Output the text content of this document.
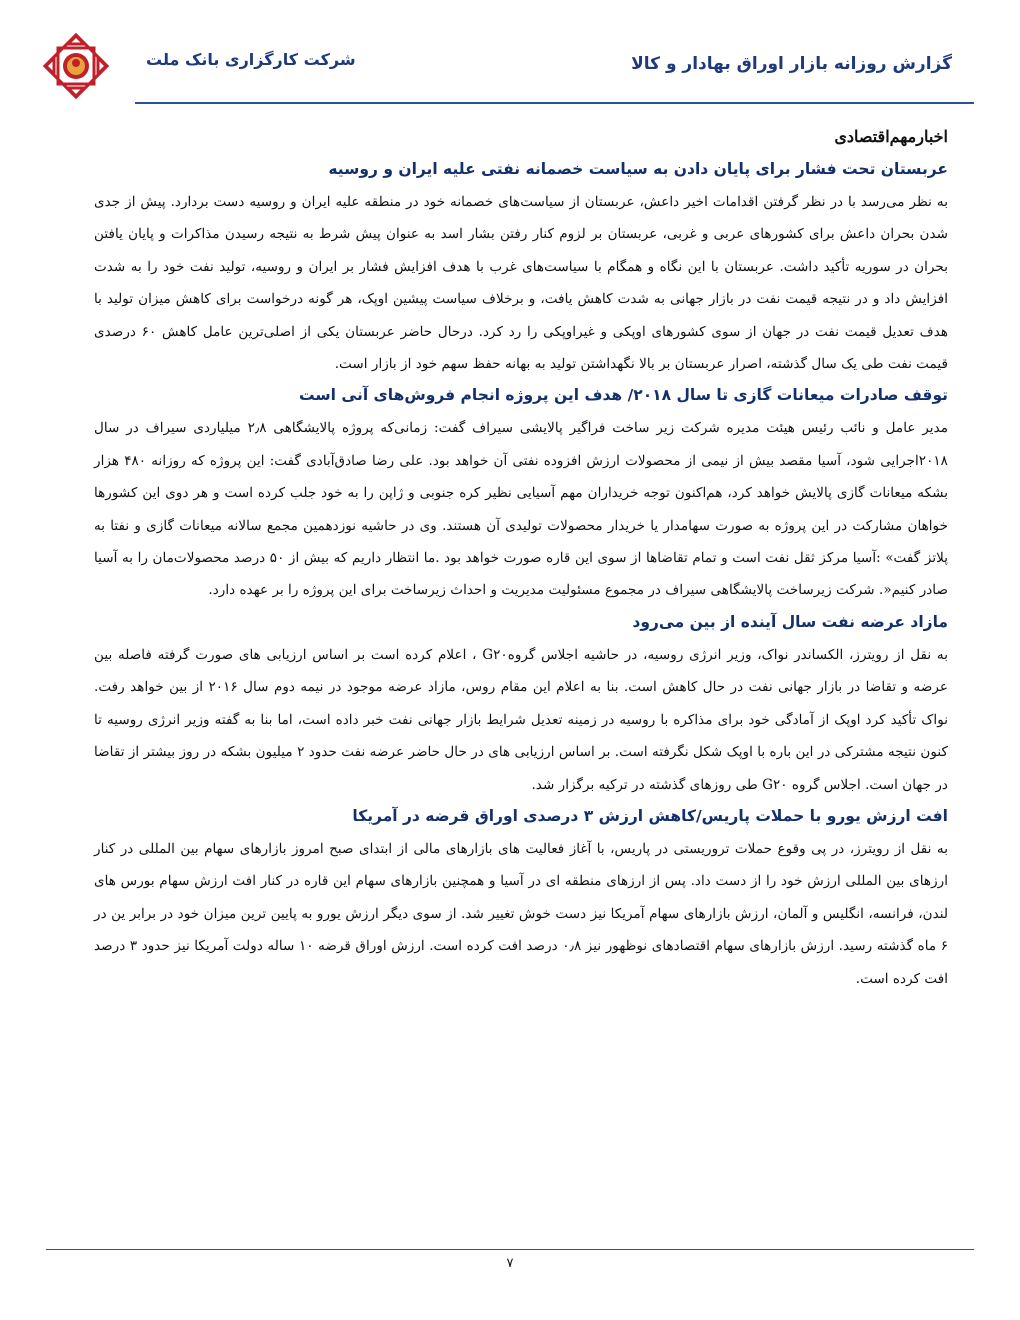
گزارش روزانه بازار اوراق بهادار و کالا
شرکت کارگزاری بانک ملت
اخبارمهم‌اقتصادی
عربستان تحت فشار برای پایان دادن به سیاست خصمانه نفتی علیه ایران و روسیه

به نظر می‌رسد با در نظر گرفتن اقدامات اخیر داعش، عربستان از سیاست‌های خصمانه خود در منطقه علیه ایران و روسیه دست بردارد. پیش از جدی شدن بحران داعش برای کشورهای عربی و غربی، عربستان بر لزوم کنار رفتن بشار اسد به عنوان پیش شرط به نتیجه رسیدن مذاکرات و پایان یافتن بحران در سوریه تأکید داشت. عربستان با این نگاه و همگام با سیاست‌های غرب با هدف افزایش فشار بر ایران و روسیه، تولید نفت خود را به شدت افزایش داد و در نتیجه قیمت نفت در بازار جهانی به شدت کاهش یافت، و برخلاف سیاست پیشین اوپک، هر گونه درخواست برای کاهش میزان تولید با هدف تعدیل قیمت نفت در جهان از سوی کشورهای اوپکی و غیراوپکی را رد کرد. درحال حاضر عربستان یکی از اصلی‌ترین عامل کاهش ۶۰ درصدی قیمت نفت طی یک سال گذشته، اصرار عربستان بر بالا نگهداشتن تولید به بهانه حفظ سهم خود از بازار است.

توقف صادرات میعانات گازی تا سال ۲۰۱۸/ هدف این پروژه انجام فروش‌های آنی است

مدیر عامل و نائب رئیس هیئت مدیره شرکت زیر ساخت فراگیر پالایشی سیراف گفت: زمانی‌که پروژه پالایشگاهی ۲٫۸ میلیاردی سیراف در سال ۲۰۱۸اجرایی شود، آسیا مقصد بیش از نیمی از محصولات ارزش افزوده نفتی آن خواهد بود. علی رضا صادق‌آبادی گفت: این پروژه که روزانه ۴۸۰ هزار بشکه میعانات گازی پالایش خواهد کرد، هم‌اکنون توجه خریداران مهم آسیایی نظیر کره جنوبی و ژاپن را به خود جلب کرده است و هر دوی این کشورها خواهان مشارکت در این پروژه به صورت سهامدار یا خریدار محصولات تولیدی آن هستند. وی در حاشیه نوزدهمین مجمع سالانه میعانات گازی و نفتا به پلاتز گفت» :آسیا مرکز ثقل نفت است و تمام تقاضاها از سوی این قاره صورت خواهد بود .ما انتظار داریم که بیش از ۵۰ درصد محصولات‌مان را به آسیا صادر کنیم«. شرکت زیرساخت پالایشگاهی سیراف در مجموع مسئولیت مدیریت و احداث زیرساخت برای این پروژه را بر عهده دارد.

مازاد عرضه نفت سال آینده از بین می‌رود

به نقل از رویترز، الکساندر نواک، وزیر انرژی روسیه، در حاشیه اجلاس گروهG۲۰ ، اعلام کرده است بر اساس ارزیابی های صورت گرفته فاصله بین عرضه و تقاضا در بازار جهانی نفت در حال کاهش است. بنا به اعلام این مقام روس، مازاد عرضه موجود در نیمه دوم سال ۲۰۱۶ از بین خواهد رفت. نواک تأکید کرد اوپک از آمادگی خود برای مذاکره با روسیه در زمینه تعدیل شرایط بازار جهانی نفت خبر داده است، اما بنا به گفته وزیر انرژی روسیه تا کنون نتیجه مشترکی در این باره با اوپک شکل نگرفته است. بر اساس ارزیابی های در حال حاضر عرضه نفت حدود ۲ میلیون بشکه در روز بیشتر از تقاضا در جهان است. اجلاس گروه G۲۰ طی روزهای گذشته در ترکیه برگزار شد.

افت ارزش یورو با حملات پاریس/کاهش ارزش ۳ درصدی اوراق قرضه در آمریکا

به نقل از رویترز، در پی وقوع حملات تروریستی در پاریس، با آغاز فعالیت های بازارهای مالی از ابتدای صبح امروز بازارهای سهام بین المللی در کنار ارزهای بین المللی ارزش خود را از دست داد. پس از ارزهای منطقه ای در آسیا و همچنین بازارهای سهام این قاره در کنار افت ارزش سهام بورس های لندن، فرانسه، انگلیس و آلمان، ارزش بازارهای سهام آمریکا نیز دست خوش تغییر شد. از سوی دیگر ارزش یورو به پایین ترین میزان خود در برابر ین در ۶ ماه گذشته رسید. ارزش بازارهای سهام اقتصادهای نوظهور نیز ۰٫۸ درصد افت کرده است. ارزش اوراق قرضه ۱۰ ساله دولت آمریکا نیز حدود ۳ درصد افت کرده است.

۷
